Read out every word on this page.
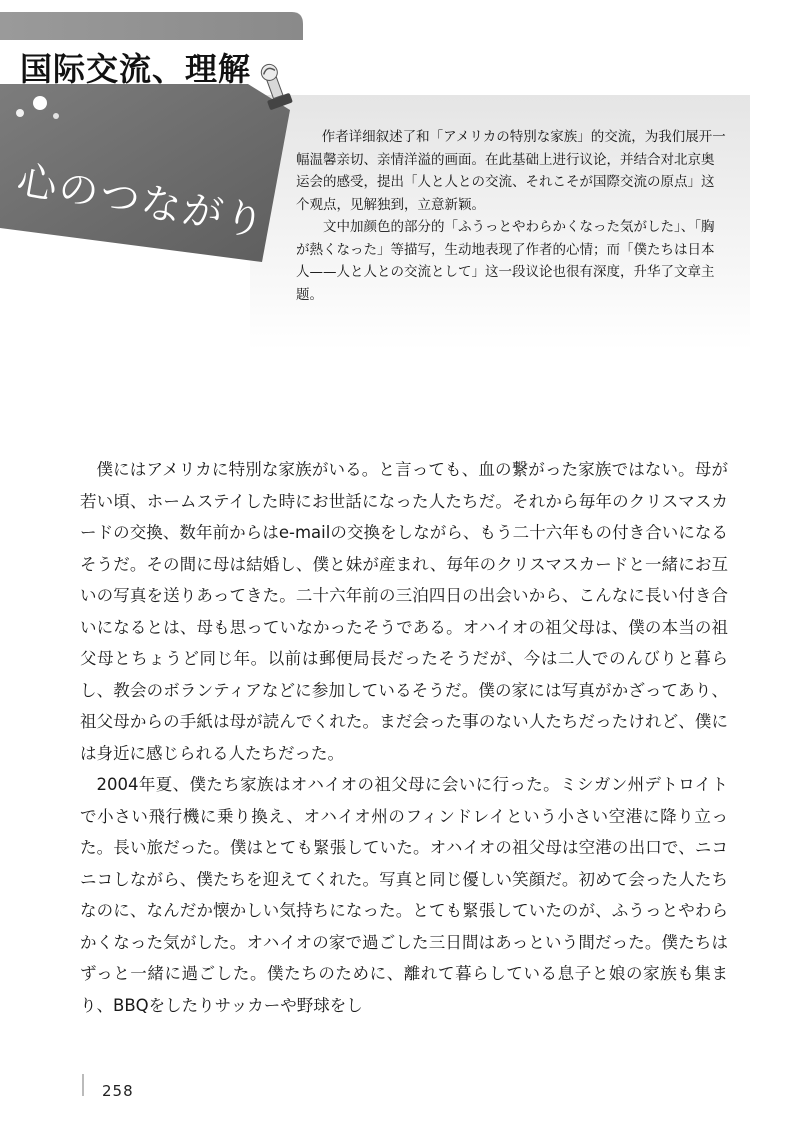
国际交流、理解
心のつながり

作者详细叙述了和「アメリカの特別な家族」的交流，为我们展开一幅温馨亲切、亲情洋溢的画面。在此基础上进行议论，并结合对北京奥运会的感受，提出「人と人との交流、それこそが国際交流の原点」这个观点，见解独到，立意新颖。

文中加颜色的部分的「ふうっとやわらかくなった気がした」、「胸が熱くなった」等描写，生动地表现了作者的心情；而「僕たちは日本人——人と人との交流として」这一段议论也很有深度，升华了文章主题。

僕にはアメリカに特別な家族がいる。と言っても、血の繋がった家族ではない。母が若い頃、ホームステイした時にお世話になった人たちだ。それから毎年のクリスマスカードの交換、数年前からはe-mailの交換をしながら、もう二十六年もの付き合いになるそうだ。その間に母は結婚し、僕と妹が産まれ、毎年のクリスマスカードと一緒にお互いの写真を送りあってきた。二十六年前の三泊四日の出会いから、こんなに長い付き合いになるとは、母も思っていなかったそうである。オハイオの祖父母は、僕の本当の祖父母とちょうど同じ年。以前は郵便局長だったそうだが、今は二人でのんびりと暮らし、教会のボランティアなどに参加しているそうだ。僕の家には写真がかざってあり、祖父母からの手紙は母が読んでくれた。まだ会った事のない人たちだったけれど、僕には身近に感じられる人たちだった。

2004年夏、僕たち家族はオハイオの祖父母に会いに行った。ミシガン州デトロイトで小さい飛行機に乗り換え、オハイオ州のフィンドレイという小さい空港に降り立った。長い旅だった。僕はとても緊張していた。オハイオの祖父母は空港の出口で、ニコニコしながら、僕たちを迎えてくれた。写真と同じ優しい笑顔だ。初めて会った人たちなのに、なんだか懐かしい気持ちになった。とても緊張していたのが、ふうっとやわらかくなった気がした。オハイオの家で過ごした三日間はあっという間だった。僕たちはずっと一緒に過ごした。僕たちのために、離れて暮らしている息子と娘の家族も集まり、BBQをしたりサッカーや野球をし

258
